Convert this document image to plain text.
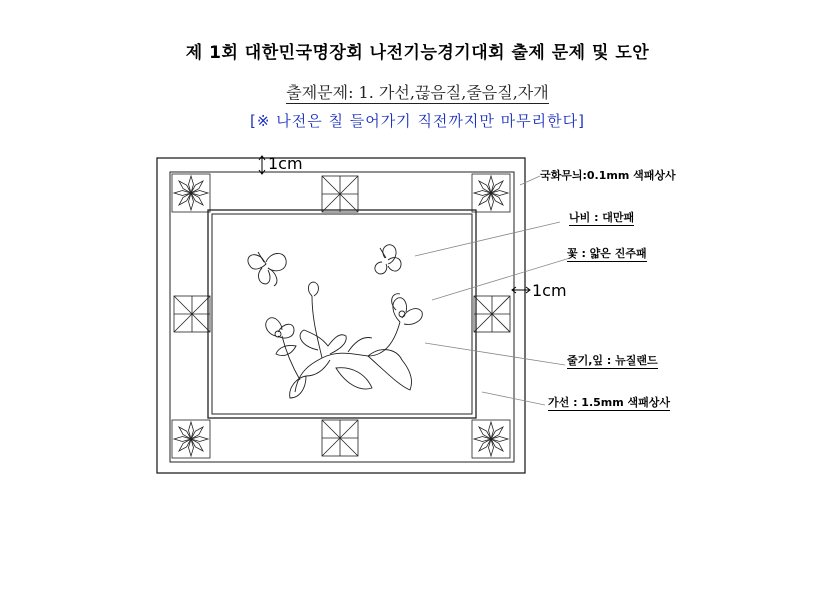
제 1회 대한민국명장회 나전기능경기대회 출제 문제 및 도안
출제문제: 1. 가선,끊음질,줄음질,자개
[※ 나전은 칠 들어가기 직전까지만 마무리한다]
1cm
1cm
국화무늬:0.1mm 색패상사
나비 : 대만패
꽃 : 얇은 진주패
줄기,잎 : 뉴질랜드
가선 : 1.5mm 색패상사
